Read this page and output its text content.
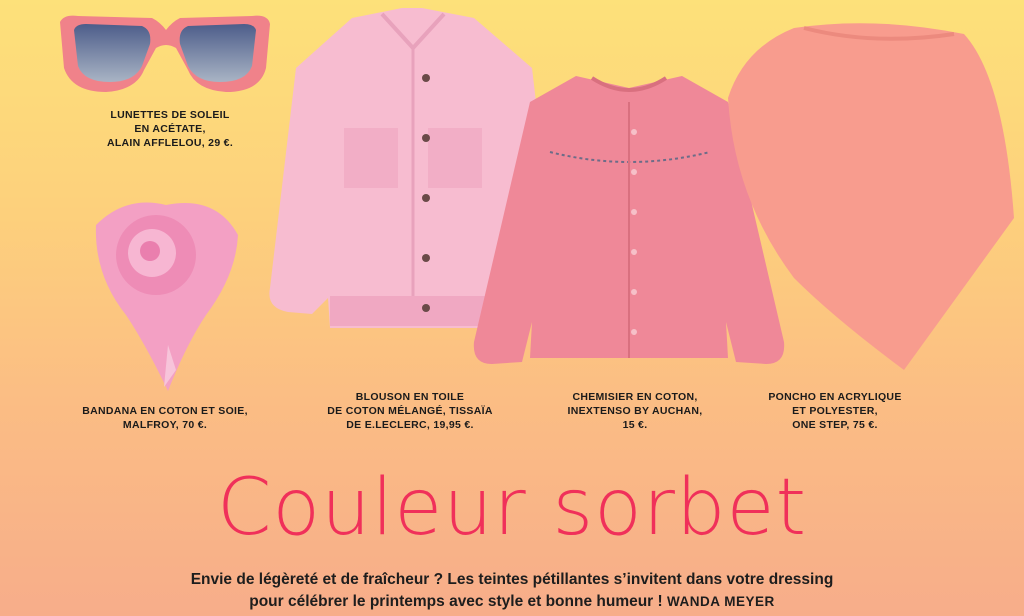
LUNETTES DE SOLEIL
EN ACÉTATE,
ALAIN AFFLELOU, 29 €.
BANDANA EN COTON ET SOIE,
MALFROY, 70 €.
BLOUSON EN TOILE
DE COTON MÉLANGÉ, TISSAÏA
DE E.LECLERC, 19,95 €.
CHEMISIER EN COTON,
INEXTENSO BY AUCHAN,
15 €.
PONCHO EN ACRYLIQUE
ET POLYESTER,
ONE STEP, 75 €.
Couleur sorbet
Envie de légèreté et de fraîcheur ? Les teintes pétillantes s’invitent dans votre dressing
pour célébrer le printemps avec style et bonne humeur ! WANDA MEYER
